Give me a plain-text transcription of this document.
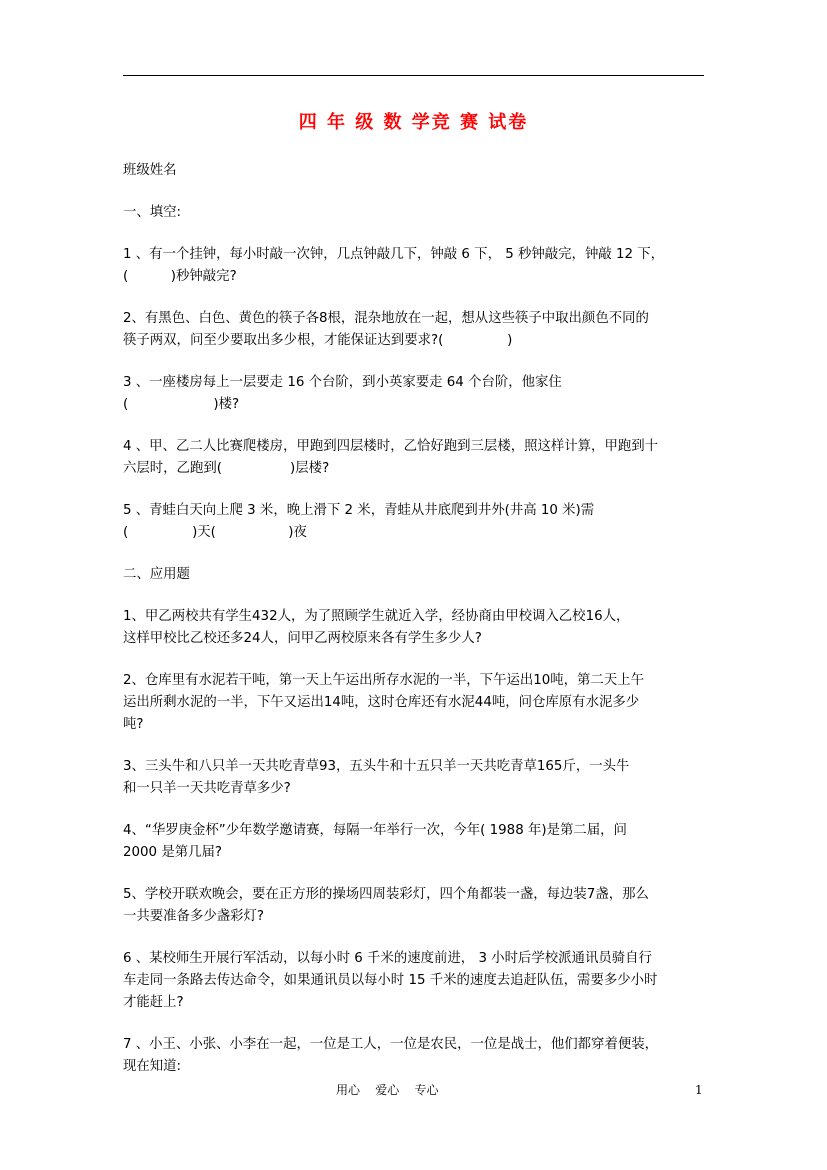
四 年 级 数 学竞 赛 试卷
班级姓名
一、填空:
1 、有一个挂钟，每小时敲一次钟，几点钟敲几下，钟敲 6 下， 5 秒钟敲完，钟敲 12 下，
(          )秒钟敲完?
2、有黑色、白色、黄色的筷子各8根，混杂地放在一起，想从这些筷子中取出颜色不同的
筷子两双，问至少要取出多少根，才能保证达到要求?(               )
3 、一座楼房每上一层要走 16 个台阶，到小英家要走 64 个台阶，他家住
(                    )楼?
4 、甲、乙二人比赛爬楼房，甲跑到四层楼时，乙恰好跑到三层楼，照这样计算，甲跑到十
六层时，乙跑到(                )层楼?
5 、青蛙白天向上爬 3 米，晚上滑下 2 米，青蛙从井底爬到井外(井高 10 米)需
(               )天(                 )夜
二、应用题
1、甲乙两校共有学生432人，为了照顾学生就近入学，经协商由甲校调入乙校16人，
这样甲校比乙校还多24人，问甲乙两校原来各有学生多少人?
2、仓库里有水泥若干吨，第一天上午运出所存水泥的一半，下午运出10吨，第二天上午
运出所剩水泥的一半，下午又运出14吨，这时仓库还有水泥44吨，问仓库原有水泥多少
吨?
3、三头牛和八只羊一天共吃青草93，五头牛和十五只羊一天共吃青草165斤，一头牛
和一只羊一天共吃青草多少?
4、“华罗庚金杯”少年数学邀请赛，每隔一年举行一次，今年( 1988 年)是第二届，问
2000 是第几届?
5、学校开联欢晚会，要在正方形的操场四周装彩灯，四个角都装一盏，每边装7盏，那么
一共要准备多少盏彩灯?
6 、某校师生开展行军活动，以每小时 6 千米的速度前进， 3 小时后学校派通讯员骑自行
车走同一条路去传达命令，如果通讯员以每小时 15 千米的速度去追赶队伍，需要多少小时
才能赶上?
7 、小王、小张、小李在一起，一位是工人，一位是农民，一位是战士，他们都穿着便装，
现在知道:
用心    爱心    专心	1
